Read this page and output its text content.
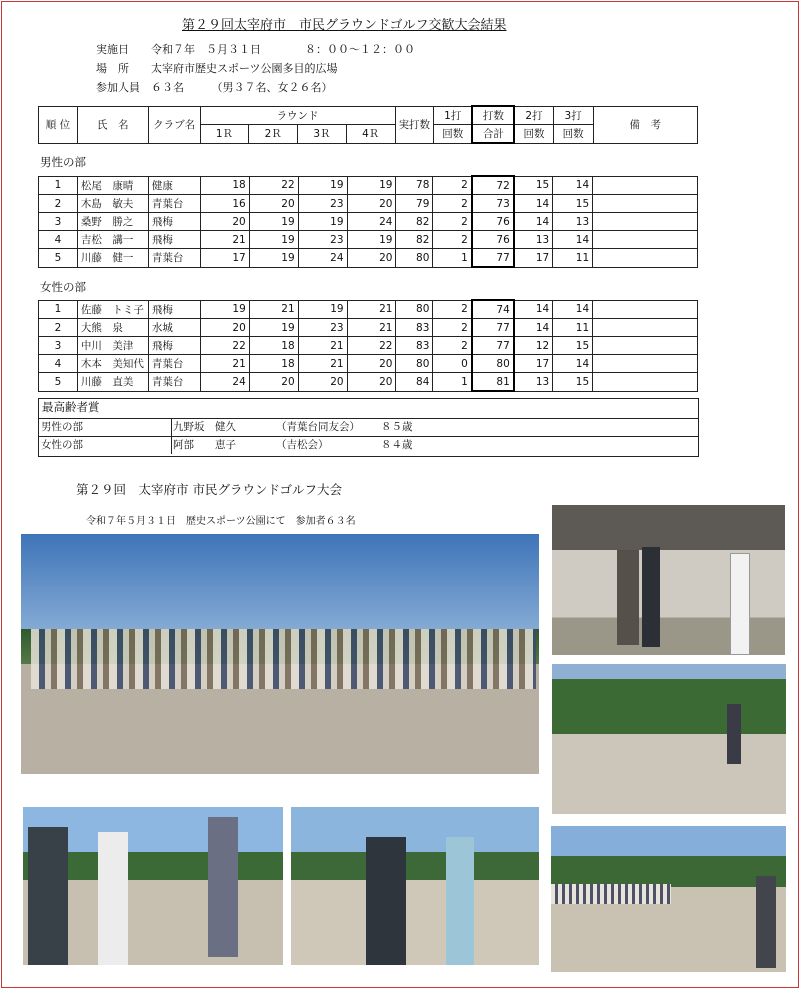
第２９回太宰府市　市民グラウンドゴルフ交歓大会結果
実施日　　令和７年　５月３１日　　　　８：００〜１２：００
場　所　　太宰府市歴史スポーツ公園多目的広場
参加人員　６３名　　　（男３７名、女２６名）
順 位	氏　名	クラブ名	ラウンド				実打数	1打	打数	2打	3打	備　考
			1Ｒ	2Ｒ	3Ｒ	4Ｒ		回数	合計	回数	回数	
男性の部
1	松尾　康晴	健康	18	22	19	19	78	2	72	15	14	
2	木島　敏夫	青葉台	16	20	23	20	79	2	73	14	15	
3	桑野　勝之	飛梅	20	19	19	24	82	2	76	14	13	
4	吉松　講一	飛梅	21	19	23	19	82	2	76	13	14	
5	川藤　健一	青葉台	17	19	24	20	80	1	77	17	11	
女性の部
1	佐藤　トミ子	飛梅	19	21	19	21	80	2	74	14	14	
2	大熊　泉	水城	20	19	23	21	83	2	77	14	11	
3	中川　美津	飛梅	22	18	21	22	83	2	77	12	15	
4	木本　美知代	青葉台	21	18	21	20	80	0	80	17	14	
5	川藤　直美	青葉台	24	20	20	20	84	1	81	13	15	
最高齢者賞
男性の部	九野坂　健久	（青葉台同友会） ８５歳
女性の部	阿部　　恵子	（吉松会）	８４歳
第２９回　太宰府市 市民グラウンドゴルフ大会
令和７年５月３１日　歴史スポーツ公園にて　参加者６３名
